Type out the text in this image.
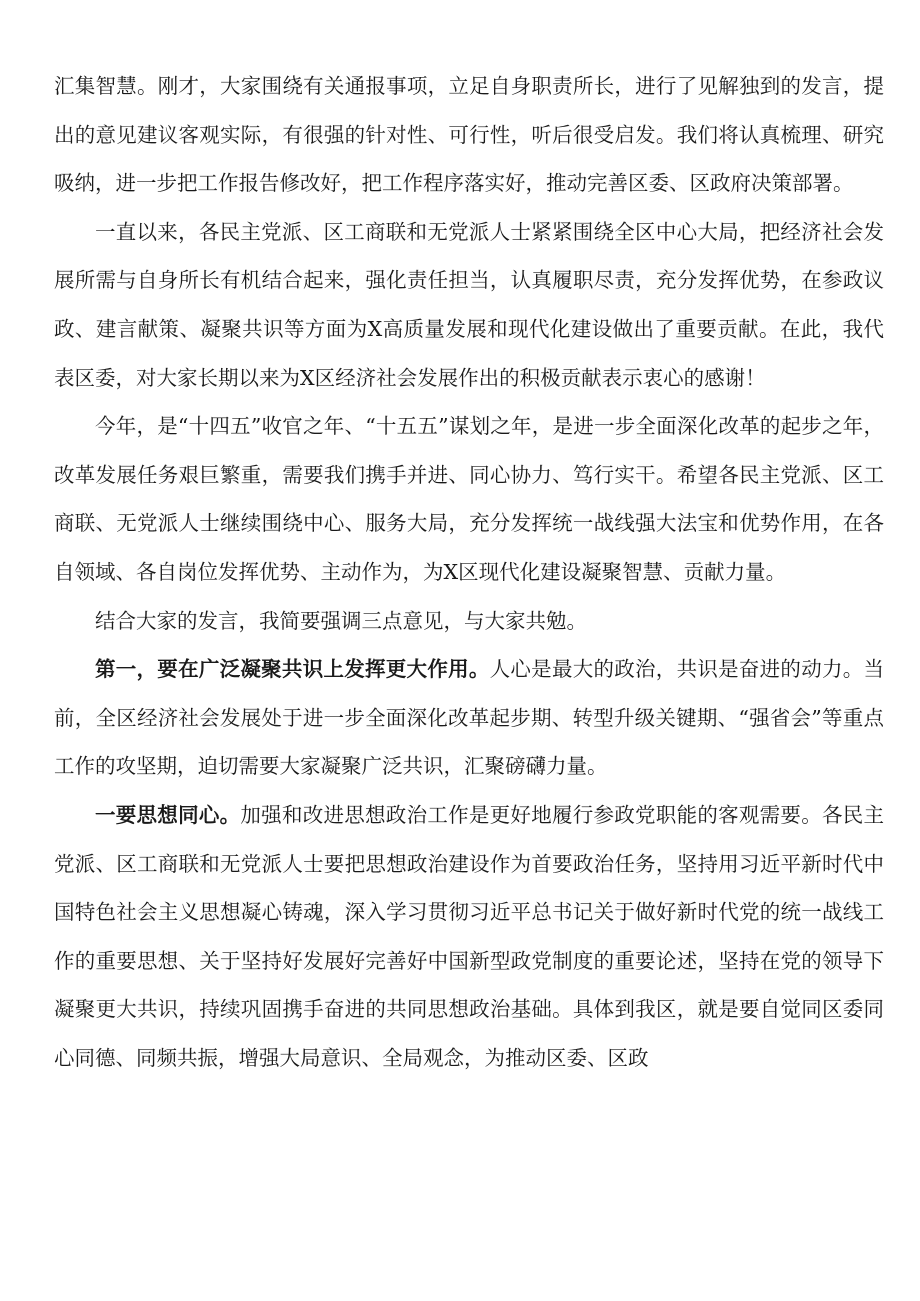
汇集智慧。刚才，大家围绕有关通报事项，立足自身职责所长，进行了见解独到的发言，提出的意见建议客观实际，有很强的针对性、可行性，听后很受启发。我们将认真梳理、研究吸纳，进一步把工作报告修改好，把工作程序落实好，推动完善区委、区政府决策部署。

一直以来，各民主党派、区工商联和无党派人士紧紧围绕全区中心大局，把经济社会发展所需与自身所长有机结合起来，强化责任担当，认真履职尽责，充分发挥优势，在参政议政、建言献策、凝聚共识等方面为X高质量发展和现代化建设做出了重要贡献。在此，我代表区委，对大家长期以来为X区经济社会发展作出的积极贡献表示衷心的感谢！

今年，是“十四五”收官之年、“十五五”谋划之年，是进一步全面深化改革的起步之年，改革发展任务艰巨繁重，需要我们携手并进、同心协力、笃行实干。希望各民主党派、区工商联、无党派人士继续围绕中心、服务大局，充分发挥统一战线强大法宝和优势作用，在各自领域、各自岗位发挥优势、主动作为，为X区现代化建设凝聚智慧、贡献力量。

结合大家的发言，我简要强调三点意见，与大家共勉。

第一，要在广泛凝聚共识上发挥更大作用。人心是最大的政治，共识是奋进的动力。当前，全区经济社会发展处于进一步全面深化改革起步期、转型升级关键期、“强省会”等重点工作的攻坚期，迫切需要大家凝聚广泛共识，汇聚磅礴力量。

一要思想同心。加强和改进思想政治工作是更好地履行参政党职能的客观需要。各民主党派、区工商联和无党派人士要把思想政治建设作为首要政治任务，坚持用习近平新时代中国特色社会主义思想凝心铸魂，深入学习贯彻习近平总书记关于做好新时代党的统一战线工作的重要思想、关于坚持好发展好完善好中国新型政党制度的重要论述，坚持在党的领导下凝聚更大共识，持续巩固携手奋进的共同思想政治基础。具体到我区，就是要自觉同区委同心同德、同频共振，增强大局意识、全局观念，为推动区委、区政
